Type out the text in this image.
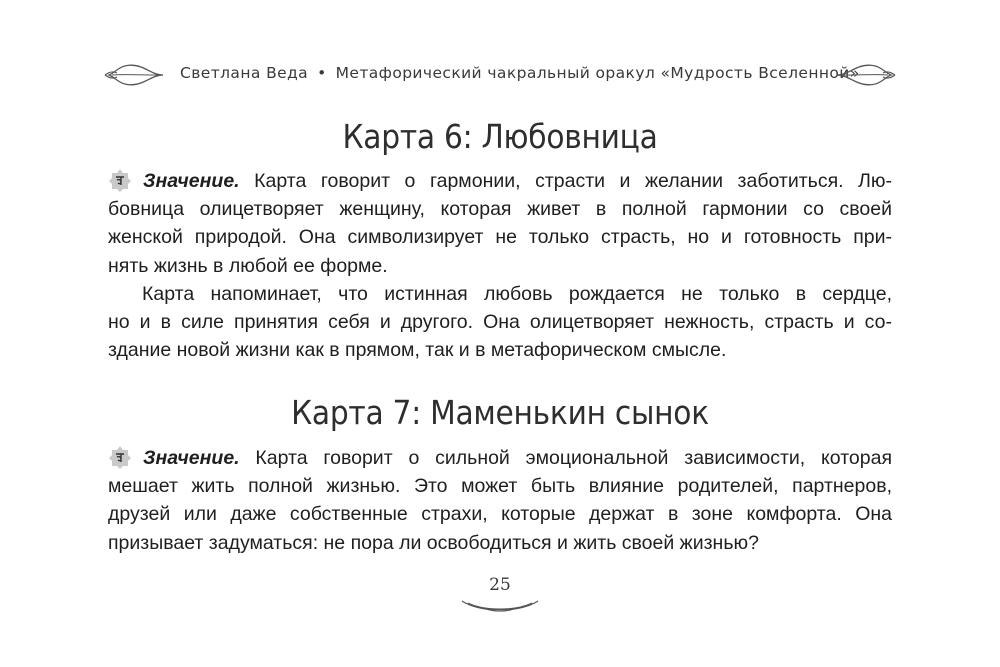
Светлана Веда • Метафорический чакральный оракул «Мудрость Вселенной»
Карта 6: Любовница

Значение. Карта говорит о гармонии, страсти и желании заботиться. Лю-
бовница олицетворяет женщину, которая живет в полной гармонии со своей
женской природой. Она символизирует не только страсть, но и готовность при-
нять жизнь в любой ее форме.

Карта напоминает, что истинная любовь рождается не только в сердце,
но и в силе принятия себя и другого. Она олицетворяет нежность, страсть и со-
здание новой жизни как в прямом, так и в метафорическом смысле.

Карта 7: Маменькин сынок

Значение. Карта говорит о сильной эмоциональной зависимости, которая
мешает жить полной жизнью. Это может быть влияние родителей, партнеров,
друзей или даже собственные страхи, которые держат в зоне комфорта. Она
призывает задуматься: не пора ли освободиться и жить своей жизнью?

25
